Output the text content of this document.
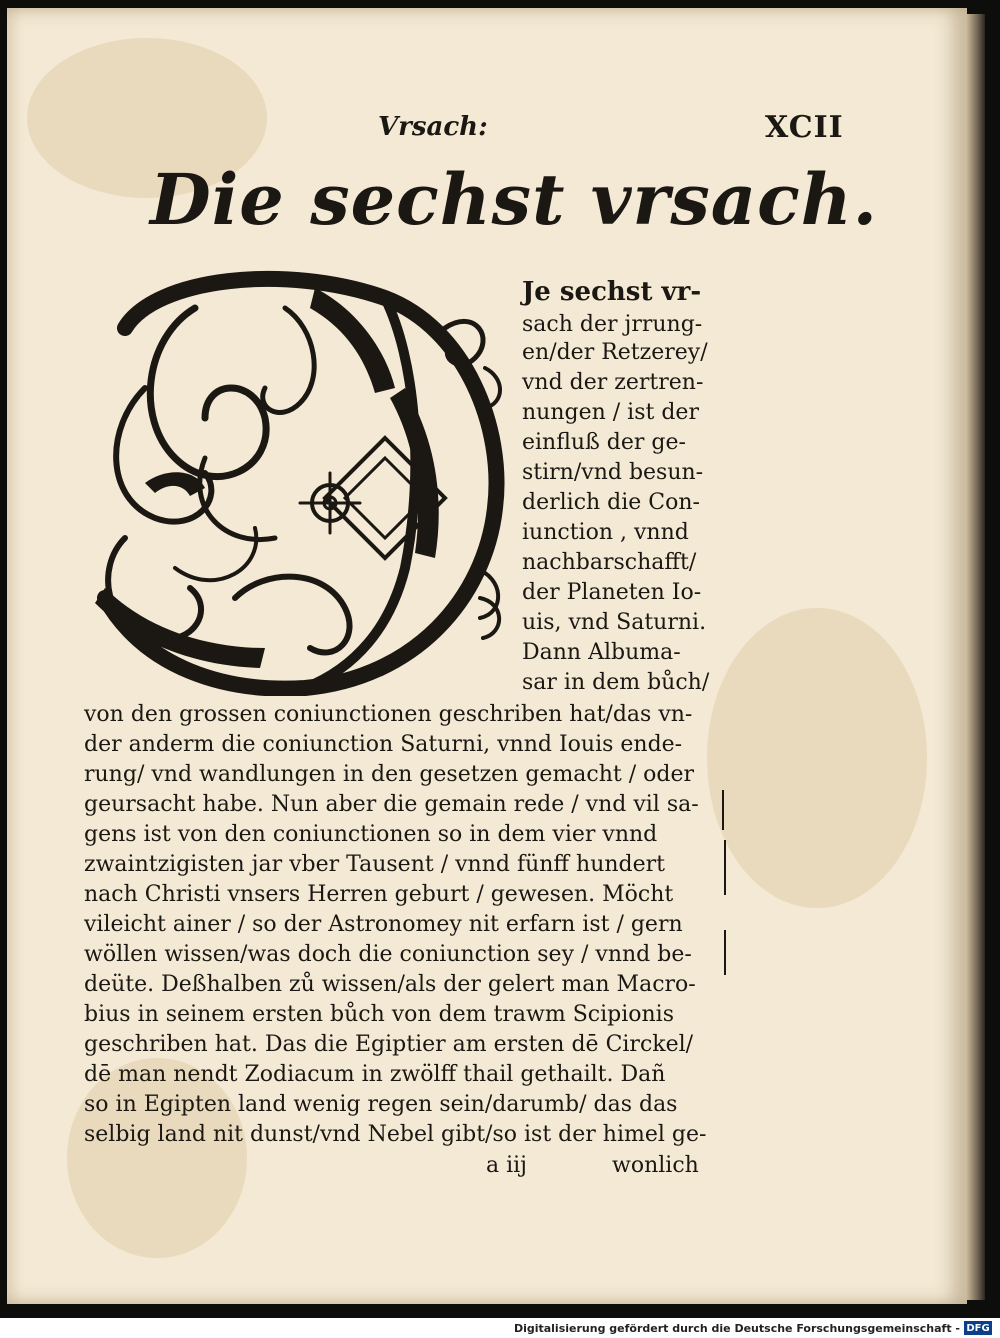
Vrsach:	XCII
Die sechst vrsach.
Je sechst vr-
sach der jrrung-
en/der Retzerey/
vnd der zertren-
nungen / ist der
einfluß der ge-
stirn/vnd besun-
derlich die Con-
iunction , vnnd
nachbarschafft/
der Planeten Io-
uis, vnd Saturni.
Dann Albuma-
sar in dem bůch/
von den grossen coniunctionen geschriben hat/das vn-
der anderm die coniunction Saturni, vnnd Iouis ende-
rung/ vnd wandlungen in den gesetzen gemacht / oder
geursacht habe. Nun aber die gemain rede / vnd vil sa-
gens ist von den coniunctionen so in dem vier vnnd
zwaintzigisten jar vber Tausent / vnnd fünff hundert
nach Christi vnsers Herren geburt / gewesen. Möcht
vileicht ainer / so der Astronomey nit erfarn ist / gern
wöllen wissen/was doch die coniunction sey / vnnd be-
deüte. Deßhalben zů wissen/als der gelert man Macro-
bius in seinem ersten bůch von dem trawm Scipionis
geschriben hat. Das die Egiptier am ersten dē Circkel/
dē man nendt Zodiacum in zwölff thail gethailt. Dañ
so in Egipten land wenig regen sein/darumb/ das das
selbig land nit dunst/vnd Nebel gibt/so ist der himel ge-
a iij	wonlich
Digitalisierung gefördert durch die Deutsche Forschungsgemeinschaft - DFG
